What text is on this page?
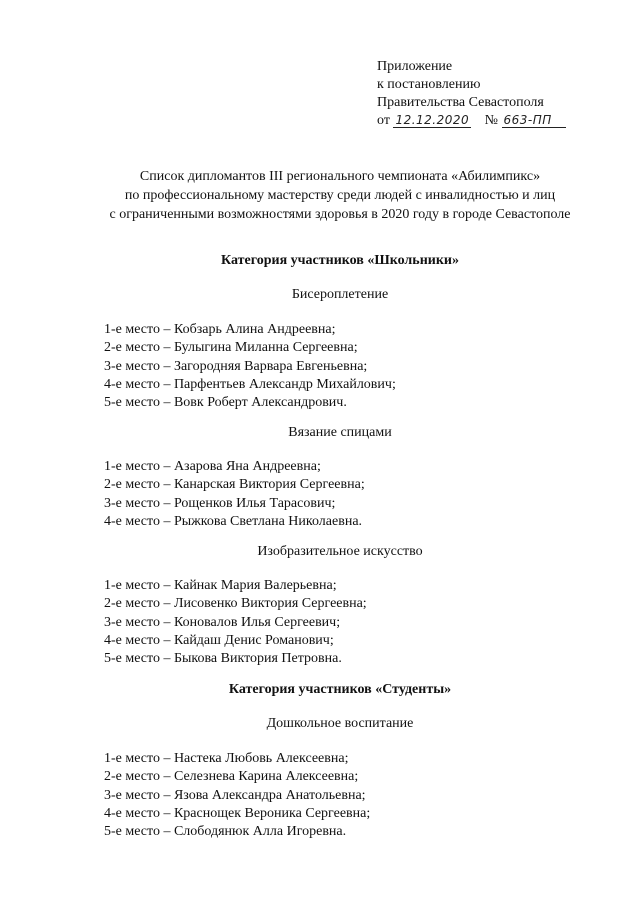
Приложение
к постановлению
Правительства Севастополя
от 12.12.2020 № 663-ПП
Список дипломантов III регионального чемпионата «Абилимпикс»
по профессиональному мастерству среди людей с инвалидностью и лиц
с ограниченными возможностями здоровья в 2020 году в городе Севастополе
Категория участников «Школьники»
Бисероплетение
1-е место – Кобзарь Алина Андреевна;
2-е место – Булыгина Миланна Сергеевна;
3-е место – Загородняя Варвара Евгеньевна;
4-е место – Парфентьев Александр Михайлович;
5-е место – Вовк Роберт Александрович.
Вязание спицами
1-е место – Азарова Яна Андреевна;
2-е место – Канарская Виктория Сергеевна;
3-е место – Рощенков Илья Тарасович;
4-е место – Рыжкова Светлана Николаевна.
Изобразительное искусство
1-е место – Кайнак Мария Валерьевна;
2-е место – Лисовенко Виктория Сергеевна;
3-е место – Коновалов Илья Сергеевич;
4-е место – Кайдаш Денис Романович;
5-е место – Быкова Виктория Петровна.
Категория участников «Студенты»
Дошкольное воспитание
1-е место – Настека Любовь Алексеевна;
2-е место – Селезнева Карина Алексеевна;
3-е место – Язова Александра Анатольевна;
4-е место – Краснощек Вероника Сергеевна;
5-е место – Слободянюк Алла Игоревна.
